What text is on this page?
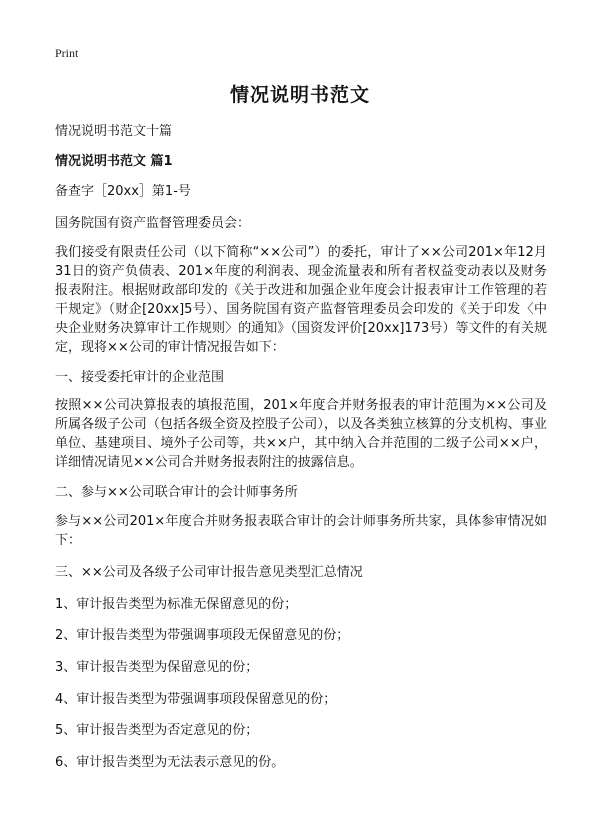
Print
情况说明书范文

情况说明书范文十篇

情况说明书范文 篇1

备查字［20xx］第1-号

国务院国有资产监督管理委员会：

我们接受有限责任公司（以下简称“××公司”）的委托，审计了××公司201×年12月31日的资产负债表、201×年度的利润表、现金流量表和所有者权益变动表以及财务报表附注。根据财政部印发的《关于改进和加强企业年度会计报表审计工作管理的若干规定》（财企[20xx]5号）、国务院国有资产监督管理委员会印发的《关于印发〈中央企业财务决算审计工作规则〉的通知》（国资发评价[20xx]173号）等文件的有关规定，现将××公司的审计情况报告如下：

一、接受委托审计的企业范围

按照××公司决算报表的填报范围，201×年度合并财务报表的审计范围为××公司及所属各级子公司（包括各级全资及控股子公司），以及各类独立核算的分支机构、事业单位、基建项目、境外子公司等，共××户，其中纳入合并范围的二级子公司××户，详细情况请见××公司合并财务报表附注的披露信息。

二、参与××公司联合审计的会计师事务所

参与××公司201×年度合并财务报表联合审计的会计师事务所共家，具体参审情况如下：

三、××公司及各级子公司审计报告意见类型汇总情况

1、审计报告类型为标准无保留意见的份；

2、审计报告类型为带强调事项段无保留意见的份；

3、审计报告类型为保留意见的份；

4、审计报告类型为带强调事项段保留意见的份；

5、审计报告类型为否定意见的份；

6、审计报告类型为无法表示意见的份。
